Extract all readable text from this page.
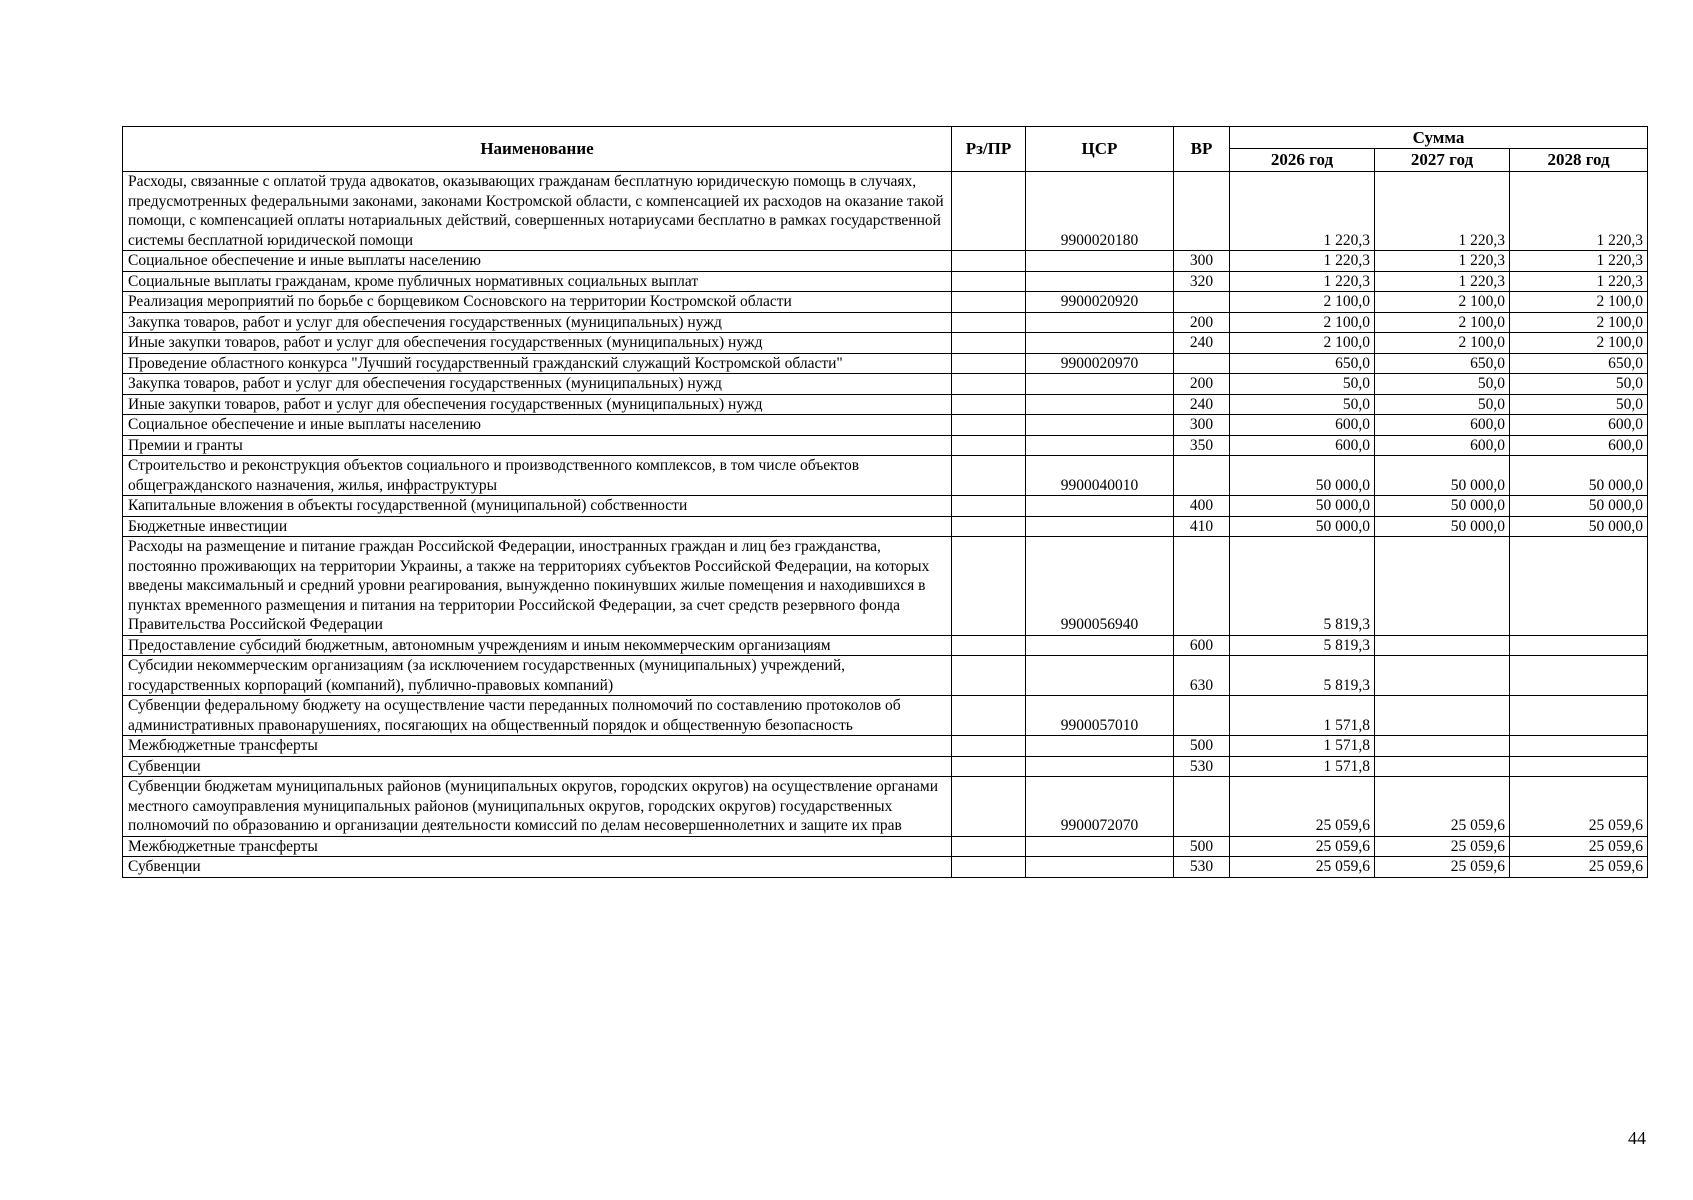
Наименование	Рз/ПР	ЦСР	ВР	Сумма		
				2026 год	2027 год	2028 год
Расходы, связанные с оплатой труда адвокатов, оказывающих гражданам бесплатную юридическую помощь в случаях, предусмотренных федеральными законами, законами Костромской области, с компенсацией их расходов на оказание такой помощи, с компенсацией оплаты нотариальных действий, совершенных нотариусами бесплатно в рамках государственной системы бесплатной юридической помощи		9900020180		1 220,3	1 220,3	1 220,3
Социальное обеспечение и иные выплаты населению			300	1 220,3	1 220,3	1 220,3
Социальные выплаты гражданам, кроме публичных нормативных социальных выплат			320	1 220,3	1 220,3	1 220,3
Реализация мероприятий по борьбе с борщевиком Сосновского на территории Костромской области		9900020920		2 100,0	2 100,0	2 100,0
Закупка товаров, работ и услуг для обеспечения государственных (муниципальных) нужд			200	2 100,0	2 100,0	2 100,0
Иные закупки товаров, работ и услуг для обеспечения государственных (муниципальных) нужд			240	2 100,0	2 100,0	2 100,0
Проведение областного конкурса "Лучший государственный гражданский служащий Костромской области"		9900020970		650,0	650,0	650,0
Закупка товаров, работ и услуг для обеспечения государственных (муниципальных) нужд			200	50,0	50,0	50,0
Иные закупки товаров, работ и услуг для обеспечения государственных (муниципальных) нужд			240	50,0	50,0	50,0
Социальное обеспечение и иные выплаты населению			300	600,0	600,0	600,0
Премии и гранты			350	600,0	600,0	600,0
Строительство и реконструкция объектов социального и производственного комплексов, в том числе объектов общегражданского назначения, жилья, инфраструктуры		9900040010		50 000,0	50 000,0	50 000,0
Капитальные вложения в объекты государственной (муниципальной) собственности			400	50 000,0	50 000,0	50 000,0
Бюджетные инвестиции			410	50 000,0	50 000,0	50 000,0
Расходы на размещение и питание граждан Российской Федерации, иностранных граждан и лиц без гражданства, постоянно проживающих на территории Украины, а также на территориях субъектов Российской Федерации, на которых введены максимальный и средний уровни реагирования, вынужденно покинувших жилые помещения и находившихся в пунктах временного размещения и питания на территории Российской Федерации, за счет средств резервного фонда Правительства Российской Федерации		9900056940		5 819,3		
Предоставление субсидий бюджетным, автономным учреждениям и иным некоммерческим организациям			600	5 819,3		
Субсидии некоммерческим организациям (за исключением государственных (муниципальных) учреждений, государственных корпораций (компаний), публично-правовых компаний)			630	5 819,3		
Субвенции федеральному бюджету на осуществление части переданных полномочий по составлению протоколов об административных правонарушениях, посягающих на общественный порядок и общественную безопасность		9900057010		1 571,8		
Межбюджетные трансферты			500	1 571,8		
Субвенции			530	1 571,8		
Субвенции бюджетам муниципальных районов (муниципальных округов, городских округов) на осуществление органами местного самоуправления муниципальных районов (муниципальных округов, городских округов) государственных полномочий по образованию и организации деятельности комиссий по делам несовершеннолетних и защите их прав		9900072070		25 059,6	25 059,6	25 059,6
Межбюджетные трансферты			500	25 059,6	25 059,6	25 059,6
Субвенции			530	25 059,6	25 059,6	25 059,6
44
